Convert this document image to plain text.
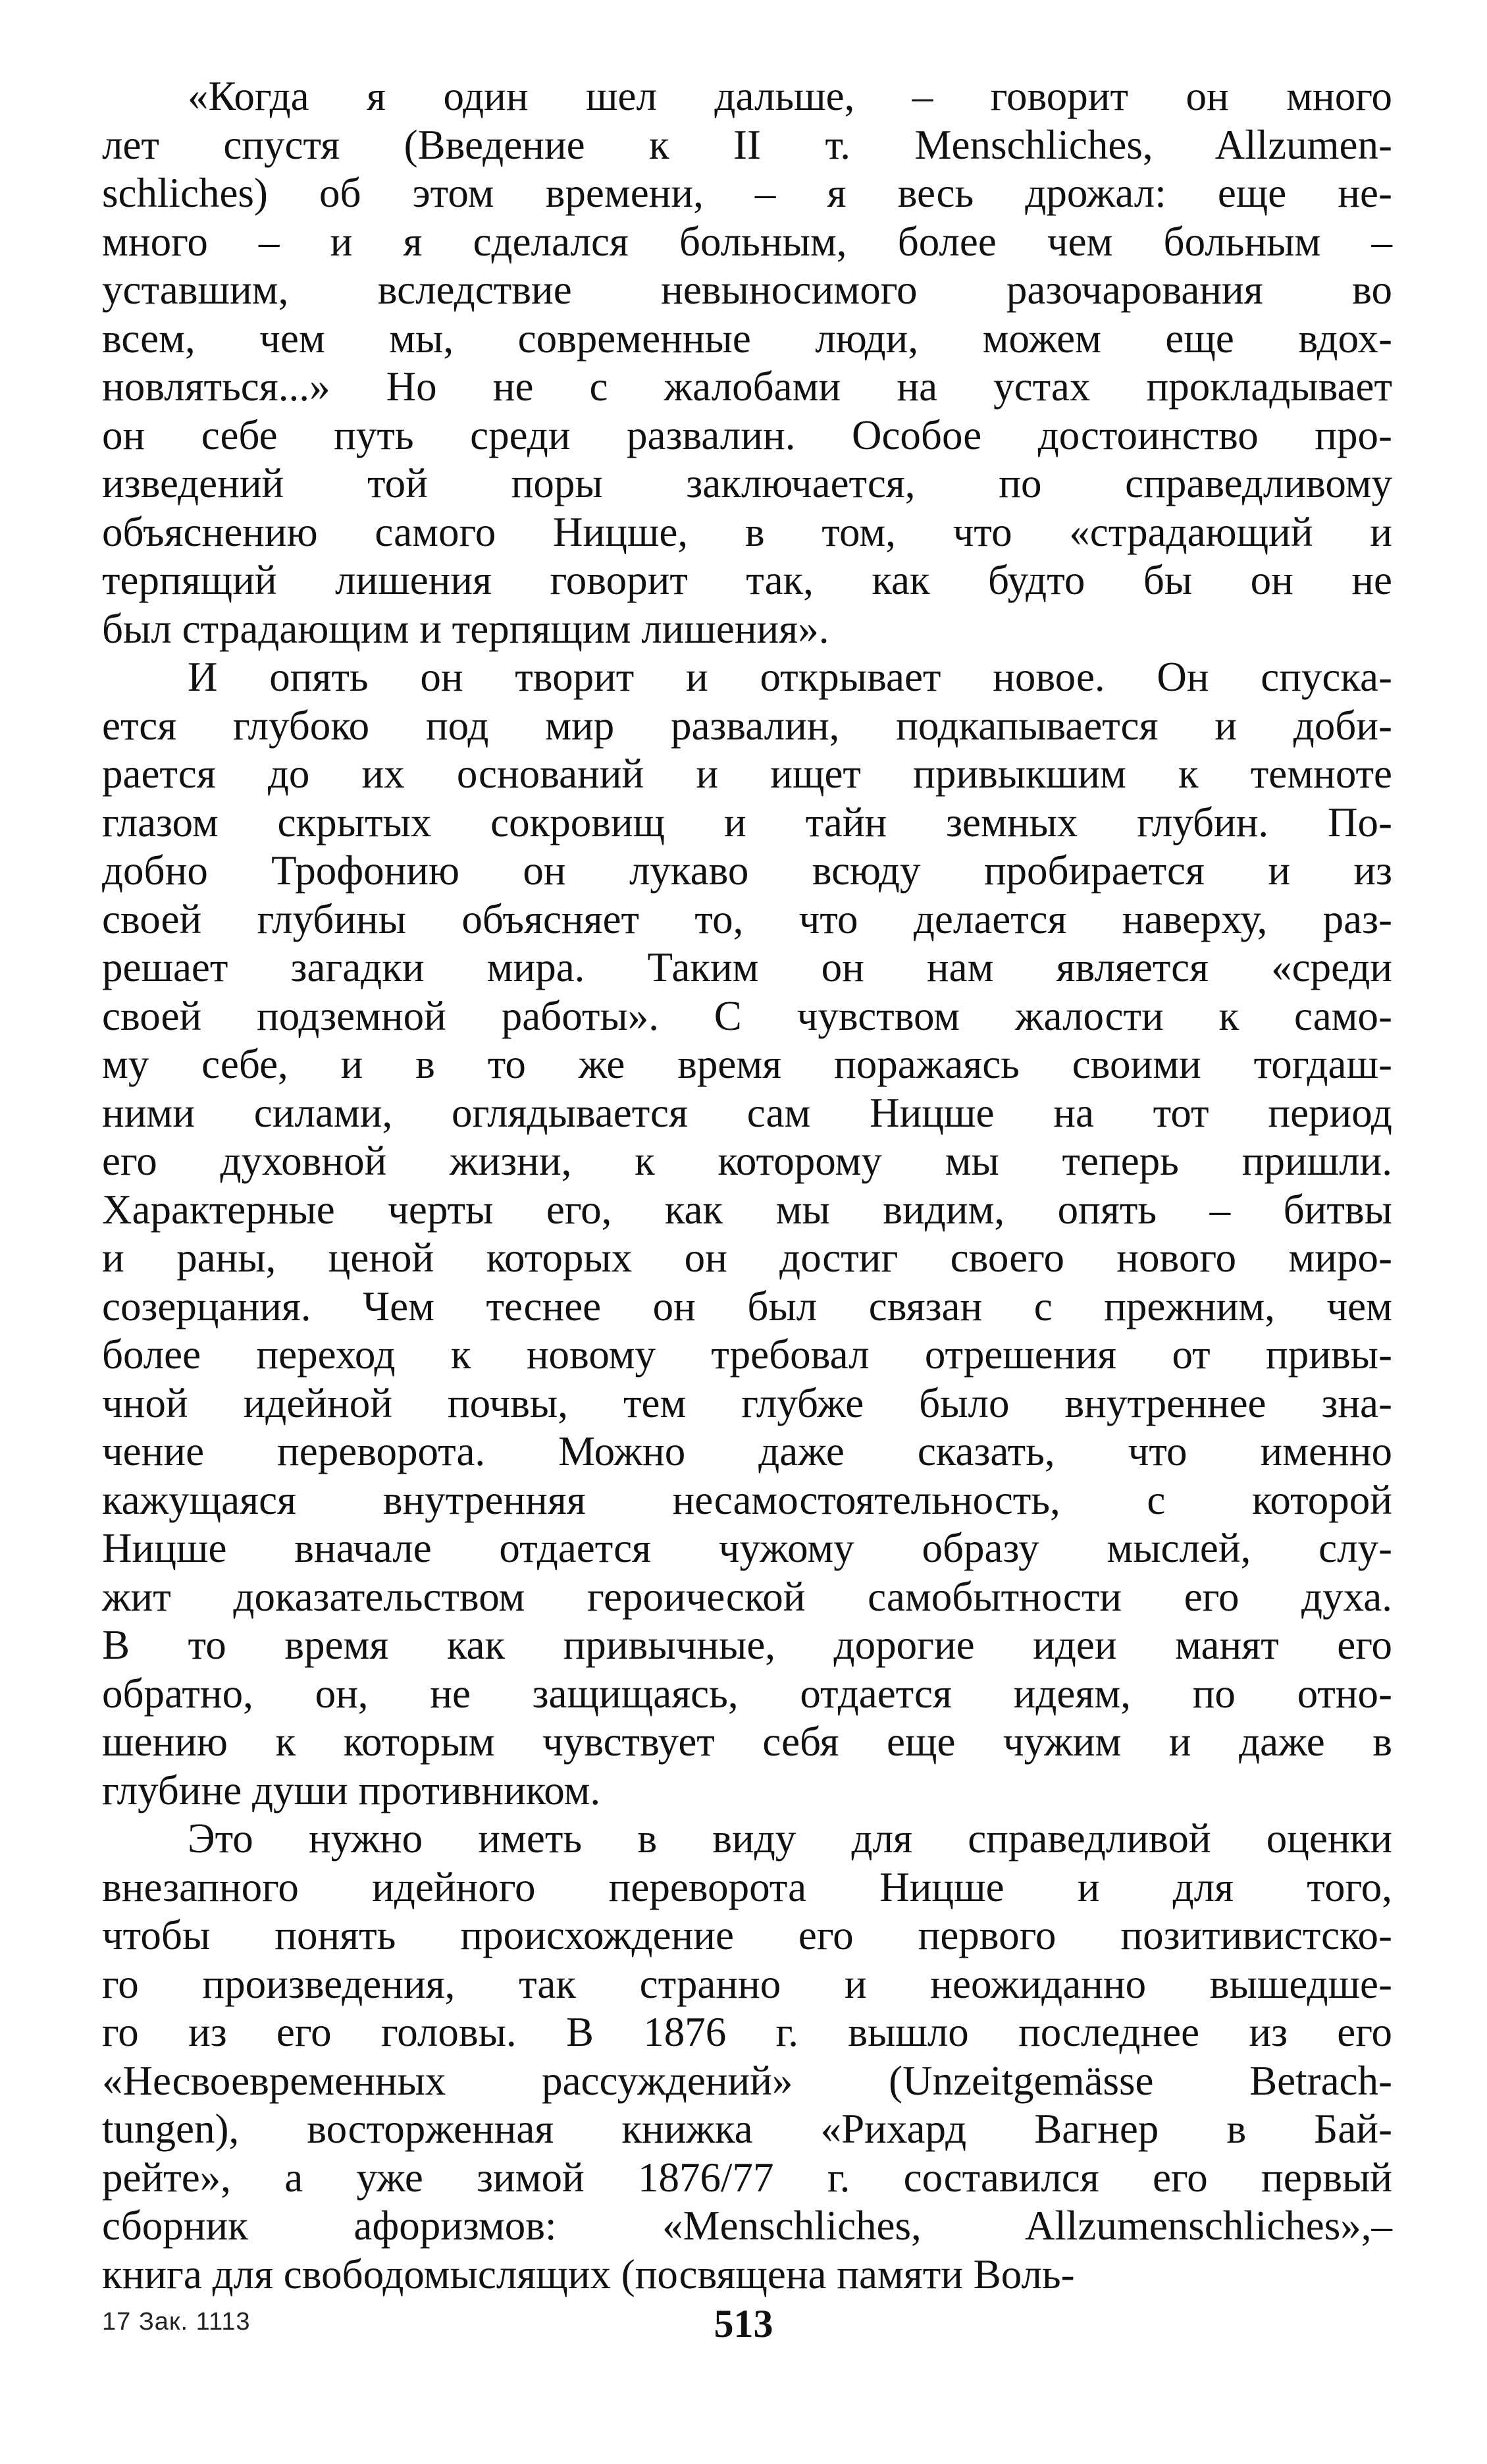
«Когда я один шел дальше, – говорит он много
лет спустя (Введение к II т. Menschliches, Allzumen-
schliches) об этом времени, – я весь дрожал: еще не-
много – и я сделался больным, более чем больным –
уставшим, вследствие невыносимого разочарования во
всем, чем мы, современные люди, можем еще вдох-
новляться...» Но не с жалобами на устах прокладывает
он себе путь среди развалин. Особое достоинство про-
изведений той поры заключается, по справедливому
объяснению самого Ницше, в том, что «страдающий и
терпящий лишения говорит так, как будто бы он не
был страдающим и терпящим лишения».
И опять он творит и открывает новое. Он спуска-
ется глубоко под мир развалин, подкапывается и доби-
рается до их оснований и ищет привыкшим к темноте
глазом скрытых сокровищ и тайн земных глубин. По-
добно Трофонию он лукаво всюду пробирается и из
своей глубины объясняет то, что делается наверху, раз-
решает загадки мира. Таким он нам является «среди
своей подземной работы». С чувством жалости к само-
му себе, и в то же время поражаясь своими тогдаш-
ними силами, оглядывается сам Ницше на тот период
его духовной жизни, к которому мы теперь пришли.
Характерные черты его, как мы видим, опять – битвы
и раны, ценой которых он достиг своего нового миро-
созерцания. Чем теснее он был связан с прежним, чем
более переход к новому требовал отрешения от привы-
чной идейной почвы, тем глубже было внутреннее зна-
чение переворота. Можно даже сказать, что именно
кажущаяся внутренняя несамостоятельность, с которой
Ницше вначале отдается чужому образу мыслей, слу-
жит доказательством героической самобытности его духа.
В то время как привычные, дорогие идеи манят его
обратно, он, не защищаясь, отдается идеям, по отно-
шению к которым чувствует себя еще чужим и даже в
глубине души противником.
Это нужно иметь в виду для справедливой оценки
внезапного идейного переворота Ницше и для того,
чтобы понять происхождение его первого позитивистско-
го произведения, так странно и неожиданно вышедше-
го из его головы. В 1876 г. вышло последнее из его
«Несвоевременных рассуждений» (Unzeitgemässe Betrach-
tungen), восторженная книжка «Рихард Вагнер в Бай-
рейте», а уже зимой 1876/77 г. составился его первый
сборник афоризмов: «Menschliches, Allzumenschliches»,–
книга для свободомыслящих (посвящена памяти Воль-
17 Зак. 1113	513
